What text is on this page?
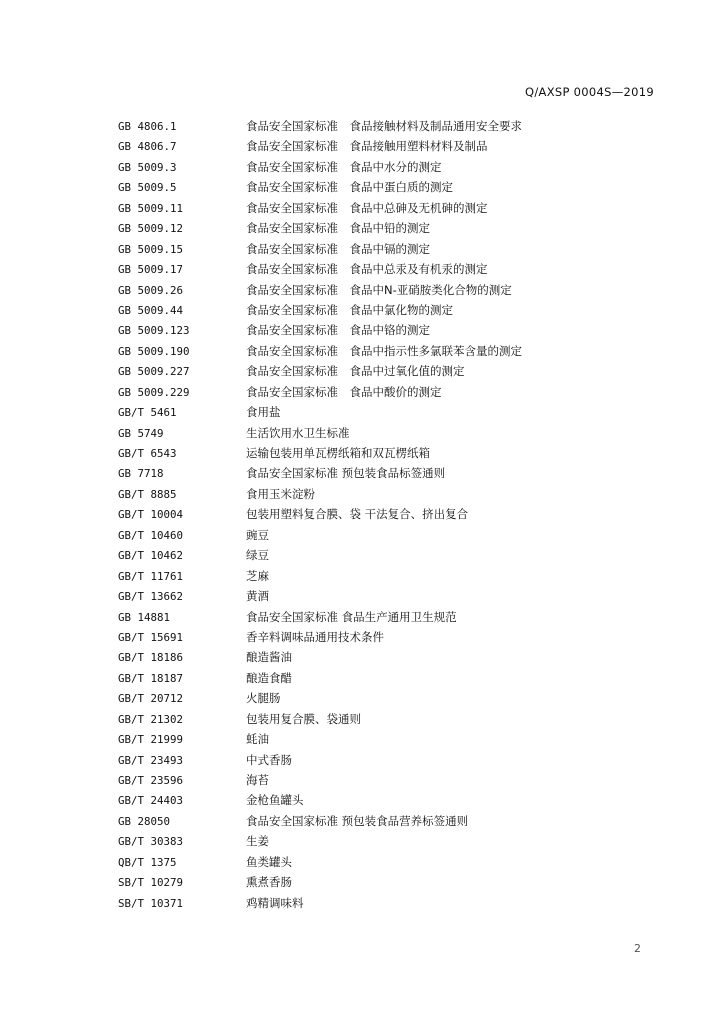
Q/AXSP 0004S—2019
GB 4806.1	食品安全国家标准　食品接触材料及制品通用安全要求
GB 4806.7	食品安全国家标准　食品接触用塑料材料及制品
GB 5009.3	食品安全国家标准　食品中水分的测定
GB 5009.5	食品安全国家标准　食品中蛋白质的测定
GB 5009.11	食品安全国家标准　食品中总砷及无机砷的测定
GB 5009.12	食品安全国家标准　食品中铅的测定
GB 5009.15	食品安全国家标准　食品中镉的测定
GB 5009.17	食品安全国家标准　食品中总汞及有机汞的测定
GB 5009.26	食品安全国家标准　食品中N-亚硝胺类化合物的测定
GB 5009.44	食品安全国家标准　食品中氯化物的测定
GB 5009.123	食品安全国家标准　食品中铬的测定
GB 5009.190	食品安全国家标准　食品中指示性多氯联苯含量的测定
GB 5009.227	食品安全国家标准　食品中过氧化值的测定
GB 5009.229	食品安全国家标准　食品中酸价的测定
GB/T 5461	食用盐
GB 5749	生活饮用水卫生标准
GB/T 6543	运输包装用单瓦楞纸箱和双瓦楞纸箱
GB 7718	食品安全国家标准 预包装食品标签通则
GB/T 8885	食用玉米淀粉
GB/T 10004	包装用塑料复合膜、袋 干法复合、挤出复合
GB/T 10460	豌豆
GB/T 10462	绿豆
GB/T 11761	芝麻
GB/T 13662	黄酒
GB 14881	食品安全国家标准 食品生产通用卫生规范
GB/T 15691	香辛料调味品通用技术条件
GB/T 18186	酿造酱油
GB/T 18187	酿造食醋
GB/T 20712	火腿肠
GB/T 21302	包装用复合膜、袋通则
GB/T 21999	蚝油
GB/T 23493	中式香肠
GB/T 23596	海苔
GB/T 24403	金枪鱼罐头
GB 28050	食品安全国家标准 预包装食品营养标签通则
GB/T 30383	生姜
QB/T 1375	鱼类罐头
SB/T 10279	熏煮香肠
SB/T 10371	鸡精调味料
2
